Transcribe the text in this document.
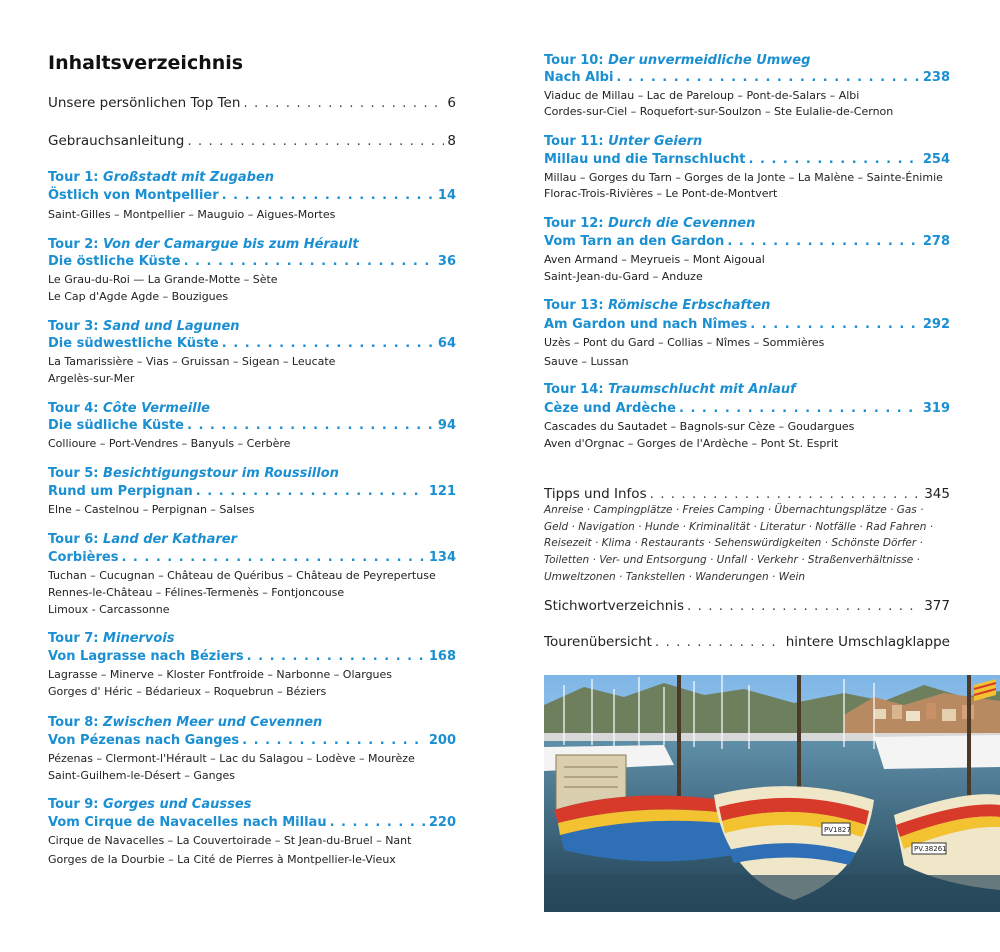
Inhaltsverzeichnis
Unsere persönlichen Top Ten . . .	6
Gebrauchsanleitung . . .	8
Tour 1: Großstadt mit Zugaben
Östlich von Montpellier . . .	14
Saint-Gilles – Montpellier – Mauguio – Aigues-Mortes
Tour 2: Von der Camargue bis zum Hérault
Die östliche Küste . . .	36
Le Grau-du-Roi — La Grande-Motte – Sète
Le Cap d'Agde Agde – Bouzigues
Tour 3: Sand und Lagunen
Die südwestliche Küste . . .	64
La Tamarissière – Vias – Gruissan – Sigean – Leucate
Argelès-sur-Mer
Tour 4: Côte Vermeille
Die südliche Küste . . .	94
Collioure – Port-Vendres – Banyuls – Cerbère
Tour 5: Besichtigungstour im Roussillon
Rund um Perpignan . . .	121
Elne – Castelnou – Perpignan – Salses
Tour 6: Land der Katharer
Corbières . . .	134
Tuchan – Cucugnan – Château de Quéribus – Château de Peyrepertuse
Rennes-le-Château – Félines-Termenès – Fontjoncouse
Limoux - Carcassonne
Tour 7: Minervois
Von Lagrasse nach Béziers . . .	168
Lagrasse – Minerve – Kloster Fontfroide – Narbonne – Olargues
Gorges d' Héric – Bédarieux – Roquebrun – Béziers
Tour 8: Zwischen Meer und Cevennen
Von Pézenas nach Ganges . . .	200
Pézenas – Clermont-l'Hérault – Lac du Salagou – Lodève – Mourèze
Saint-Guilhem-le-Désert – Ganges
Tour 9: Gorges und Causses
Vom Cirque de Navacelles nach Millau . . .	220
Cirque de Navacelles – La Couvertoirade – St Jean-du-Bruel – Nant
Gorges de la Dourbie – La Cité de Pierres à Montpellier-le-Vieux
Tipps und Infos . . .	345
Anreise · Campingplätze · Freies Camping · Übernachtungsplätze · Gas · Geld · Navigation · Hunde · Kriminalität · Literatur · Notfälle · Rad Fahren · Reisezeit · Klima · Restaurants · Sehenswürdigkeiten · Schönste Dörfer · Toiletten · Ver- und Entsorgung · Unfall · Verkehr · Straßenverhältnisse · Umweltzonen · Tankstellen · Wanderungen · Wein
Stichwortverzeichnis . . .	377
Tourenübersicht . . .	hintere Umschlagklappe
Tour 10: Der unvermeidliche Umweg
Nach Albi . . .	238
Viaduc de Millau – Lac de Pareloup – Pont-de-Salars – Albi
Cordes-sur-Ciel – Roquefort-sur-Soulzon – Ste Eulalie-de-Cernon
Tour 11: Unter Geiern
Millau und die Tarnschlucht . . .	254
Millau – Gorges du Tarn – Gorges de la Jonte – La Malène – Sainte-Énimie
Florac-Trois-Rivières – Le Pont-de-Montvert
Tour 12: Durch die Cevennen
Vom Tarn an den Gardon . . .	278
Aven Armand – Meyrueis – Mont Aigoual
Saint-Jean-du-Gard – Anduze
Tour 13: Römische Erbschaften
Am Gardon und nach Nîmes . . .	292
Uzès – Pont du Gard – Collias – Nîmes – Sommières
Sauve – Lussan
Tour 14: Traumschlucht mit Anlauf
Cèze und Ardèche . . .	319
Cascades du Sautadet – Bagnols-sur Cèze – Goudargues
Aven d'Orgnac – Gorges de l'Ardèche – Pont St. Esprit
PV1827
PV.38261
